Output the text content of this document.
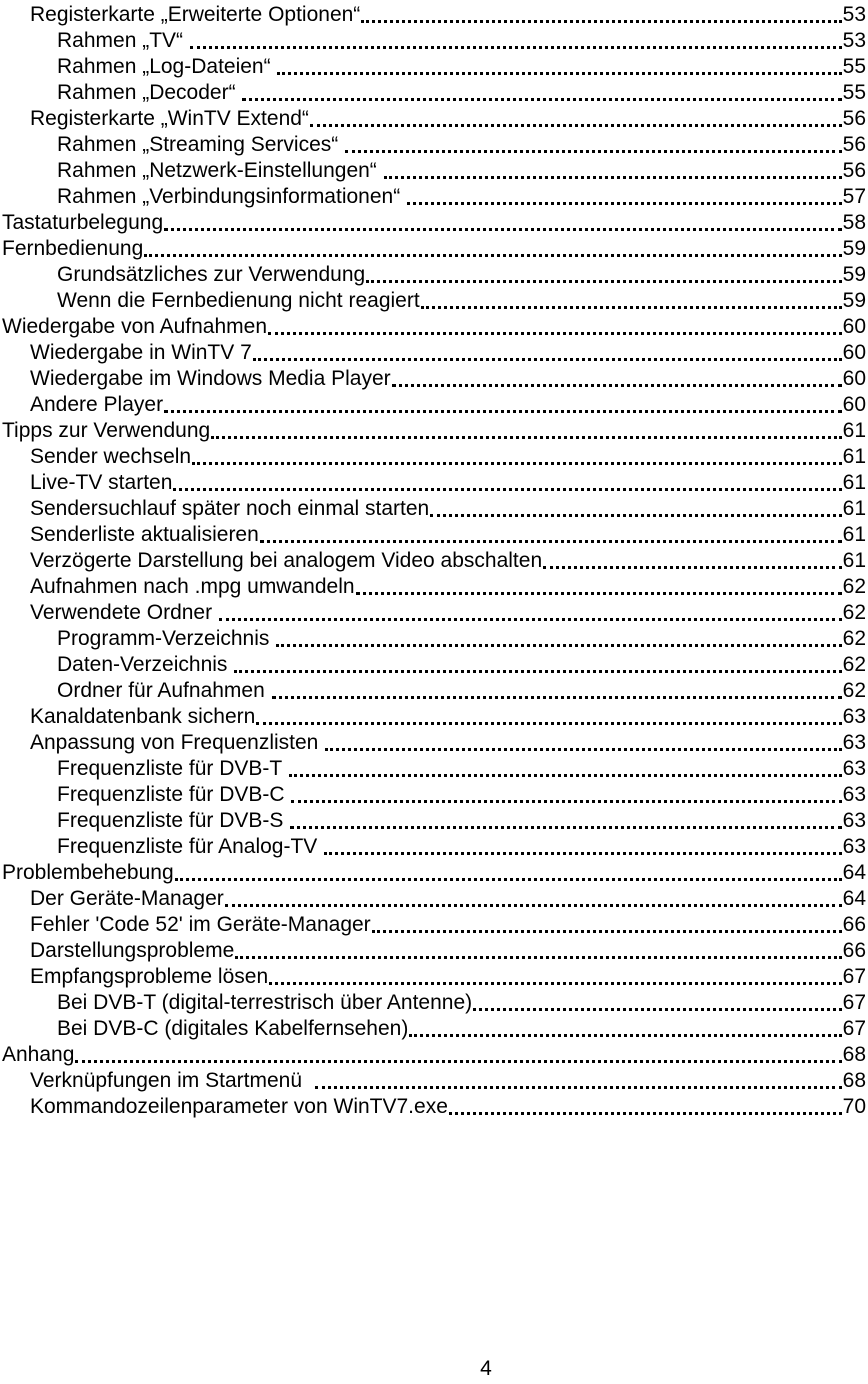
Registerkarte „Erweiterte Optionen“	53
Rahmen „TV“	53
Rahmen „Log-Dateien“	55
Rahmen „Decoder“	55
Registerkarte „WinTV Extend“	56
Rahmen „Streaming Services“	56
Rahmen „Netzwerk-Einstellungen“	56
Rahmen „Verbindungsinformationen“	57
Tastaturbelegung	58
Fernbedienung	59
Grundsätzliches zur Verwendung	59
Wenn die Fernbedienung nicht reagiert	59
Wiedergabe von Aufnahmen	60
Wiedergabe in WinTV 7	60
Wiedergabe im Windows Media Player	60
Andere Player	60
Tipps zur Verwendung	61
Sender wechseln	61
Live-TV starten	61
Sendersuchlauf später noch einmal starten	61
Senderliste aktualisieren	61
Verzögerte Darstellung bei analogem Video abschalten	61
Aufnahmen nach .mpg umwandeln	62
Verwendete Ordner	62
Programm-Verzeichnis	62
Daten-Verzeichnis	62
Ordner für Aufnahmen	62
Kanaldatenbank sichern	63
Anpassung von Frequenzlisten	63
Frequenzliste für DVB-T	63
Frequenzliste für DVB-C	63
Frequenzliste für DVB-S	63
Frequenzliste für Analog-TV	63
Problembehebung	64
Der Geräte-Manager	64
Fehler 'Code 52' im Geräte-Manager	66
Darstellungsprobleme	66
Empfangsprobleme lösen	67
Bei DVB-T (digital-terrestrisch über Antenne)	67
Bei DVB-C (digitales Kabelfernsehen)	67
Anhang	68
Verknüpfungen im Startmenü	68
Kommandozeilenparameter von WinTV7.exe	70
4
